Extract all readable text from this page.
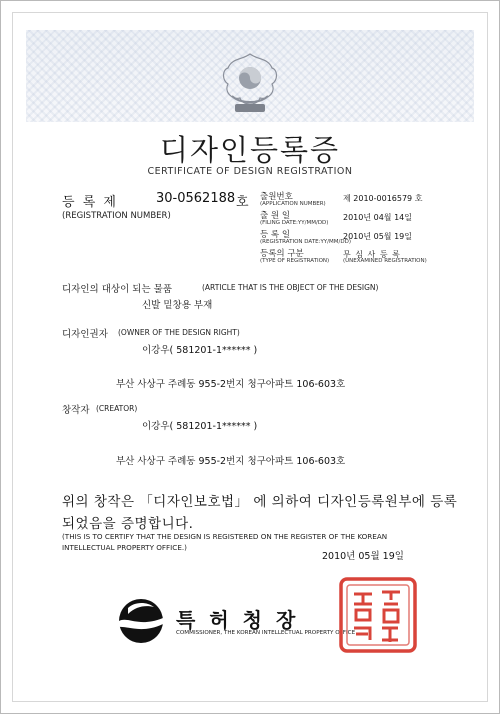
디자인등록증
CERTIFICATE OF DESIGN REGISTRATION
등 록 제	30-0562188 호
(REGISTRATION NUMBER)
출원번호
(APPLICATION NUMBER)
제 2010-0016579 호
출 원 일
(FILING DATE:YY/MM/DD)
2010년 04월 14일
등 록 일
(REGISTRATION DATE:YY/MM/DD)
2010년 05월 19일
등록의 구분
(TYPE OF REGISTRATION)
무 심 사 등 록
(UNEXAMINED REGISTRATION)
디자인의 대상이 되는 물품	(ARTICLE THAT IS THE OBJECT OF THE DESIGN)
신발 밑창용 부재
디자인권자 (OWNER OF THE DESIGN RIGHT)
이강우( 581201-1****** )
부산 사상구 주례동 955-2번지 청구아파트 106-603호
창작자 (CREATOR)
이강우( 581201-1****** )
부산 사상구 주례동 955-2번지 청구아파트 106-603호
위의 창작은 「디자인보호법」 에 의하여 디자인등록원부에 등록
되었음을 증명합니다.
(THIS IS TO CERTIFY THAT THE DESIGN IS REGISTERED ON THE REGISTER OF THE KOREAN
INTELLECTUAL PROPERTY OFFICE.)
2010년 05월 19일
특허청장
COMMISSIONER, THE KOREAN INTELLECTUAL PROPERTY OFFICE
